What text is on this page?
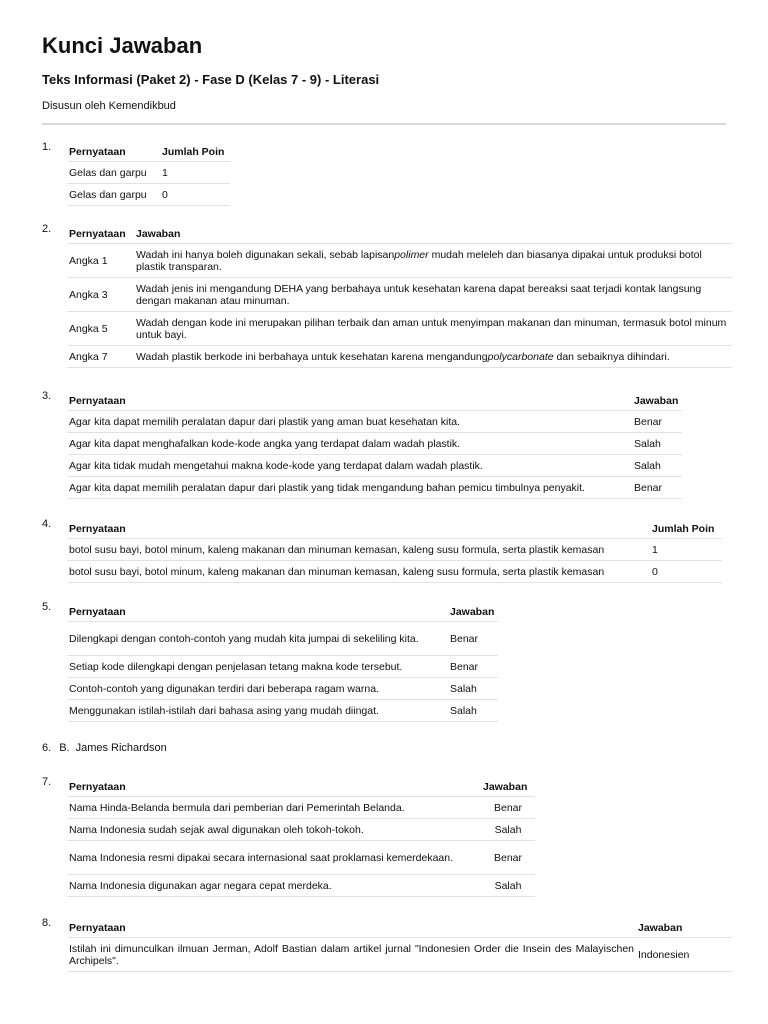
Kunci Jawaban
Teks Informasi (Paket 2) - Fase D (Kelas 7 - 9) - Literasi
Disusun oleh Kemendikbud
1. Pernyataan	Jumlah Poin
Gelas dan garpu	1
Gelas dan garpu	0
2. Pernyataan	Jawaban
Angka 1	Wadah ini hanya boleh digunakan sekali, sebab lapisanpolimer mudah meleleh dan biasanya dipakai untuk produksi botol plastik transparan.
Angka 3	Wadah jenis ini mengandung DEHA yang berbahaya untuk kesehatan karena dapat bereaksi saat terjadi kontak langsung dengan makanan atau minuman.
Angka 5	Wadah dengan kode ini merupakan pilihan terbaik dan aman untuk menyimpan makanan dan minuman, termasuk botol minum untuk bayi.
Angka 7	Wadah plastik berkode ini berbahaya untuk kesehatan karena mengandungpolycarbonate dan sebaiknya dihindari.
3. Pernyataan	Jawaban
Agar kita dapat memilih peralatan dapur dari plastik yang aman buat kesehatan kita.	Benar
Agar kita dapat menghafalkan kode-kode angka yang terdapat dalam wadah plastik.	Salah
Agar kita tidak mudah mengetahui makna kode-kode yang terdapat dalam wadah plastik.	Salah
Agar kita dapat memilih peralatan dapur dari plastik yang tidak mengandung bahan pemicu timbulnya penyakit.	Benar
4. Pernyataan	Jumlah Poin
botol susu bayi, botol minum, kaleng makanan dan minuman kemasan, kaleng susu formula, serta plastik kemasan	1
botol susu bayi, botol minum, kaleng makanan dan minuman kemasan, kaleng susu formula, serta plastik kemasan	0
5. Pernyataan	Jawaban
Dilengkapi dengan contoh-contoh yang mudah kita jumpai di sekeliling kita.	Benar
Setiap kode dilengkapi dengan penjelasan tetang makna kode tersebut.	Benar
Contoh-contoh yang digunakan terdiri dari beberapa ragam warna.	Salah
Menggunakan istilah-istilah dari bahasa asing yang mudah diingat.	Salah
6. B. James Richardson
7. Pernyataan	Jawaban
Nama Hinda-Belanda bermula dari pemberian dari Pemerintah Belanda.	Benar
Nama Indonesia sudah sejak awal digunakan oleh tokoh-tokoh.	Salah
Nama Indonesia resmi dipakai secara internasional saat proklamasi kemerdekaan.	Benar
Nama Indonesia digunakan agar negara cepat merdeka.	Salah
8. Pernyataan	Jawaban
Istilah ini dimunculkan ilmuan Jerman, Adolf Bastian dalam artikel jurnal "Indonesien Order die Insein des Malayischen Archipels".	Indonesien
